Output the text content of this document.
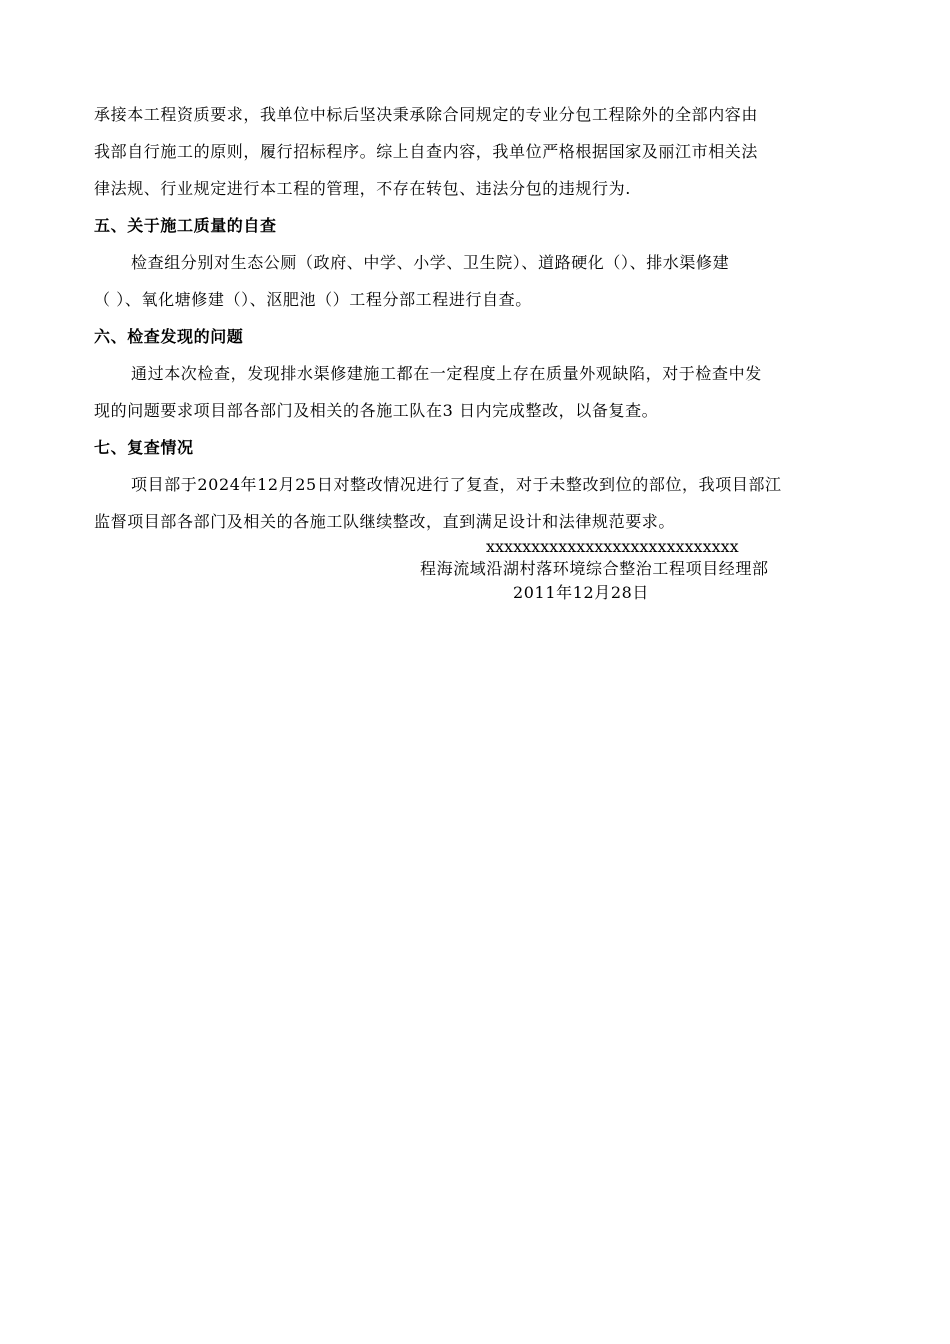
承接本工程资质要求，我单位中标后坚决秉承除合同规定的专业分包工程除外的全部内容由

我部自行施工的原则，履行招标程序。综上自查内容，我单位严格根据国家及丽江市相关法

律法规、行业规定进行本工程的管理，不存在转包、违法分包的违规行为.

五、关于施工质量的自查

检查组分别对生态公厕（政府、中学、小学、卫生院）、道路硬化（）、排水渠修建

（ ）、氧化塘修建（）、沤肥池（）工程分部工程进行自查。

六、检查发现的问题

通过本次检查，发现排水渠修建施工都在一定程度上存在质量外观缺陷，对于检查中发

现的问题要求项目部各部门及相关的各施工队在3 日内完成整改，以备复查。

七、复查情况

项目部于2024年12月25日对整改情况进行了复查，对于未整改到位的部位，我项目部江

监督项目部各部门及相关的各施工队继续整改，直到满足设计和法律规范要求。

xxxxxxxxxxxxxxxxxxxxxxxxxxxx
程海流域沿湖村落环境综合整治工程项目经理部
2011年12月28日
